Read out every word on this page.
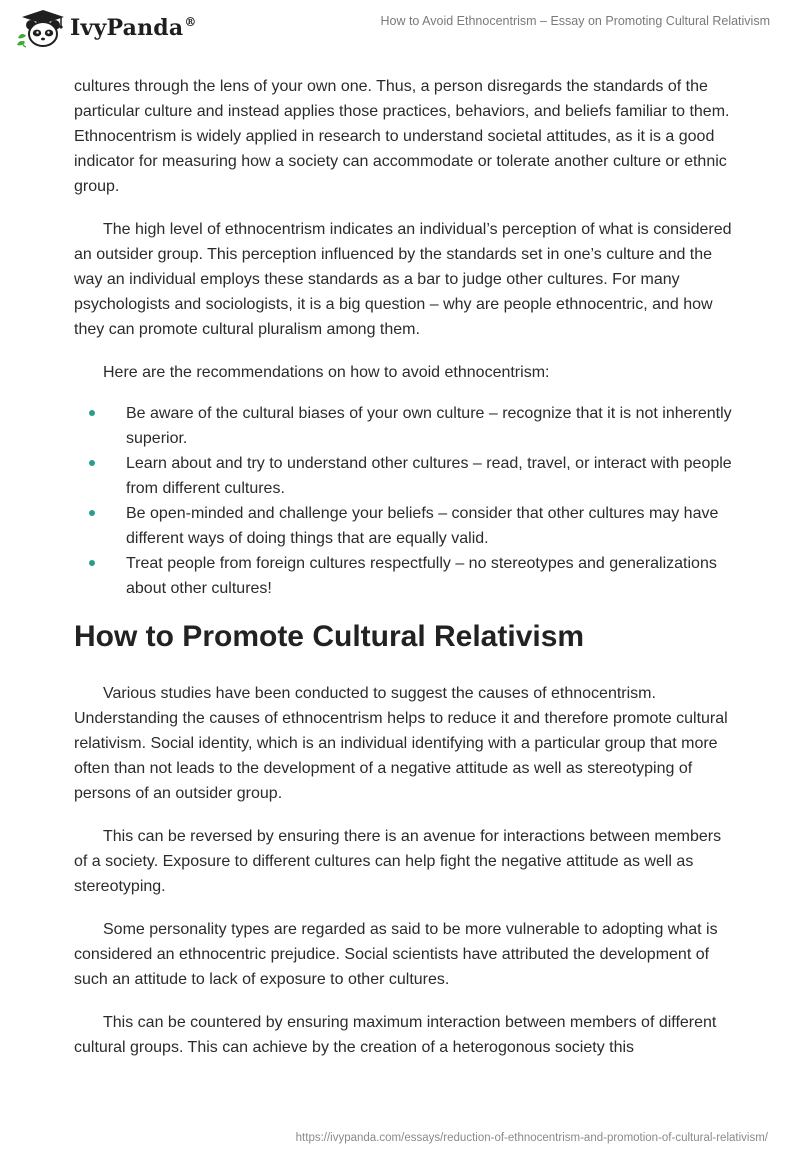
IvyPanda®	How to Avoid Ethnocentrism – Essay on Promoting Cultural Relativism

cultures through the lens of your own one. Thus, a person disregards the standards of the particular culture and instead applies those practices, behaviors, and beliefs familiar to them. Ethnocentrism is widely applied in research to understand societal attitudes, as it is a good indicator for measuring how a society can accommodate or tolerate another culture or ethnic group.

The high level of ethnocentrism indicates an individual’s perception of what is considered an outsider group. This perception influenced by the standards set in one’s culture and the way an individual employs these standards as a bar to judge other cultures. For many psychologists and sociologists, it is a big question – why are people ethnocentric, and how they can promote cultural pluralism among them.

Here are the recommendations on how to avoid ethnocentrism:

Be aware of the cultural biases of your own culture – recognize that it is not inherently superior.
Learn about and try to understand other cultures – read, travel, or interact with people from different cultures.
Be open-minded and challenge your beliefs – consider that other cultures may have different ways of doing things that are equally valid.
Treat people from foreign cultures respectfully – no stereotypes and generalizations about other cultures!
How to Promote Cultural Relativism

Various studies have been conducted to suggest the causes of ethnocentrism. Understanding the causes of ethnocentrism helps to reduce it and therefore promote cultural relativism. Social identity, which is an individual identifying with a particular group that more often than not leads to the development of a negative attitude as well as stereotyping of persons of an outsider group.

This can be reversed by ensuring there is an avenue for interactions between members of a society. Exposure to different cultures can help fight the negative attitude as well as stereotyping.

Some personality types are regarded as said to be more vulnerable to adopting what is considered an ethnocentric prejudice. Social scientists have attributed the development of such an attitude to lack of exposure to other cultures.

This can be countered by ensuring maximum interaction between members of different cultural groups. This can achieve by the creation of a heterogonous society this

https://ivypanda.com/essays/reduction-of-ethnocentrism-and-promotion-of-cultural-relativism/
